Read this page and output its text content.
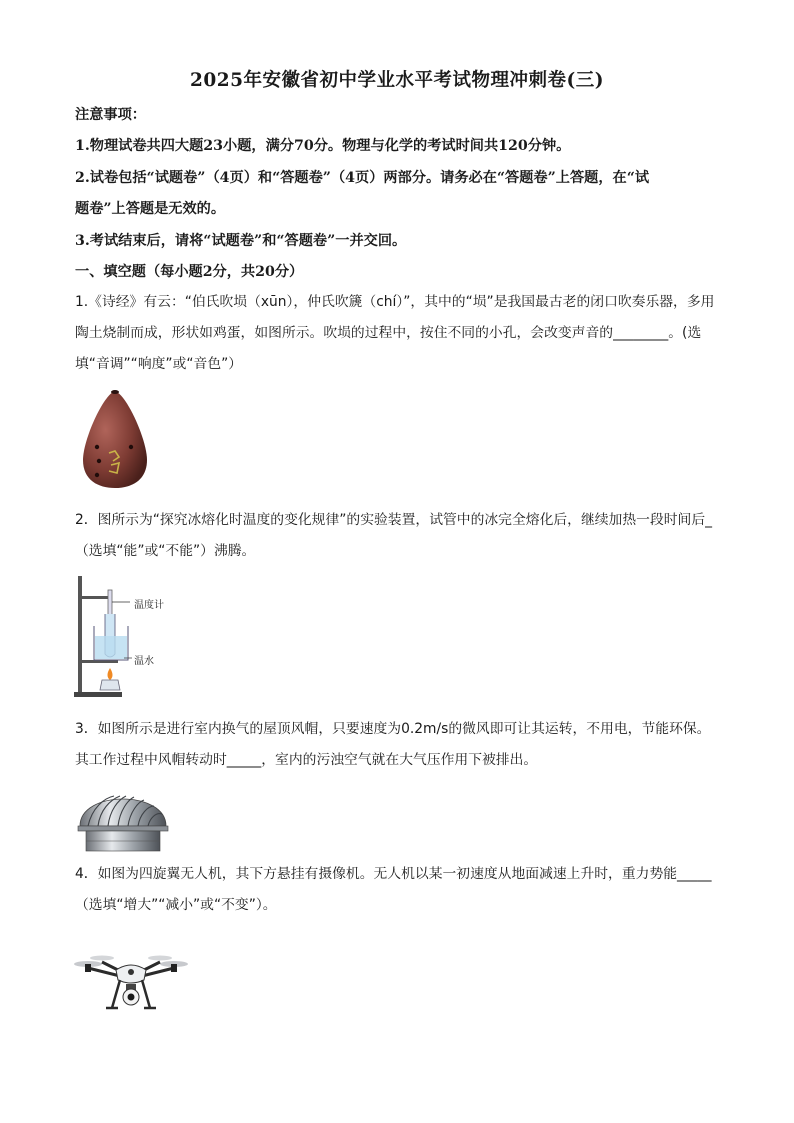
2025年安徽省初中学业水平考试物理冲刺卷(三)
注意事项：
1.物理试卷共四大题23小题，满分70分。物理与化学的考试时间共120分钟。
2.试卷包括“试题卷”（4页）和“答题卷”（4页）两部分。请务必在“答题卷”上答题，在“试
题卷”上答题是无效的。
3.考试结束后，请将“试题卷”和“答题卷”一并交回。
一、填空题（每小题2分，共20分）
1.《诗经》有云：“伯氏吹埙（xūn），仲氏吹篪（chí）”，其中的“埙”是我国最古老的闭口吹奏乐器，多用
陶土烧制而成，形状如鸡蛋，如图所示。吹埙的过程中，按住不同的小孔，会改变声音的________。(选
填“音调”“响度”或“音色”）
2．图所示为“探究冰熔化时温度的变化规律”的实验装置，试管中的冰完全熔化后，继续加热一段时间后_
（选填“能”或“不能”）沸腾。
温度计
温水
3．如图所示是进行室内换气的屋顶风帽，只要速度为0.2m/s的微风即可让其运转，不用电，节能环保。
其工作过程中风帽转动时_____，室内的污浊空气就在大气压作用下被排出。
4．如图为四旋翼无人机，其下方悬挂有摄像机。无人机以某一初速度从地面减速上升时，重力势能_____
（选填“增大”“减小”或“不变”）。
